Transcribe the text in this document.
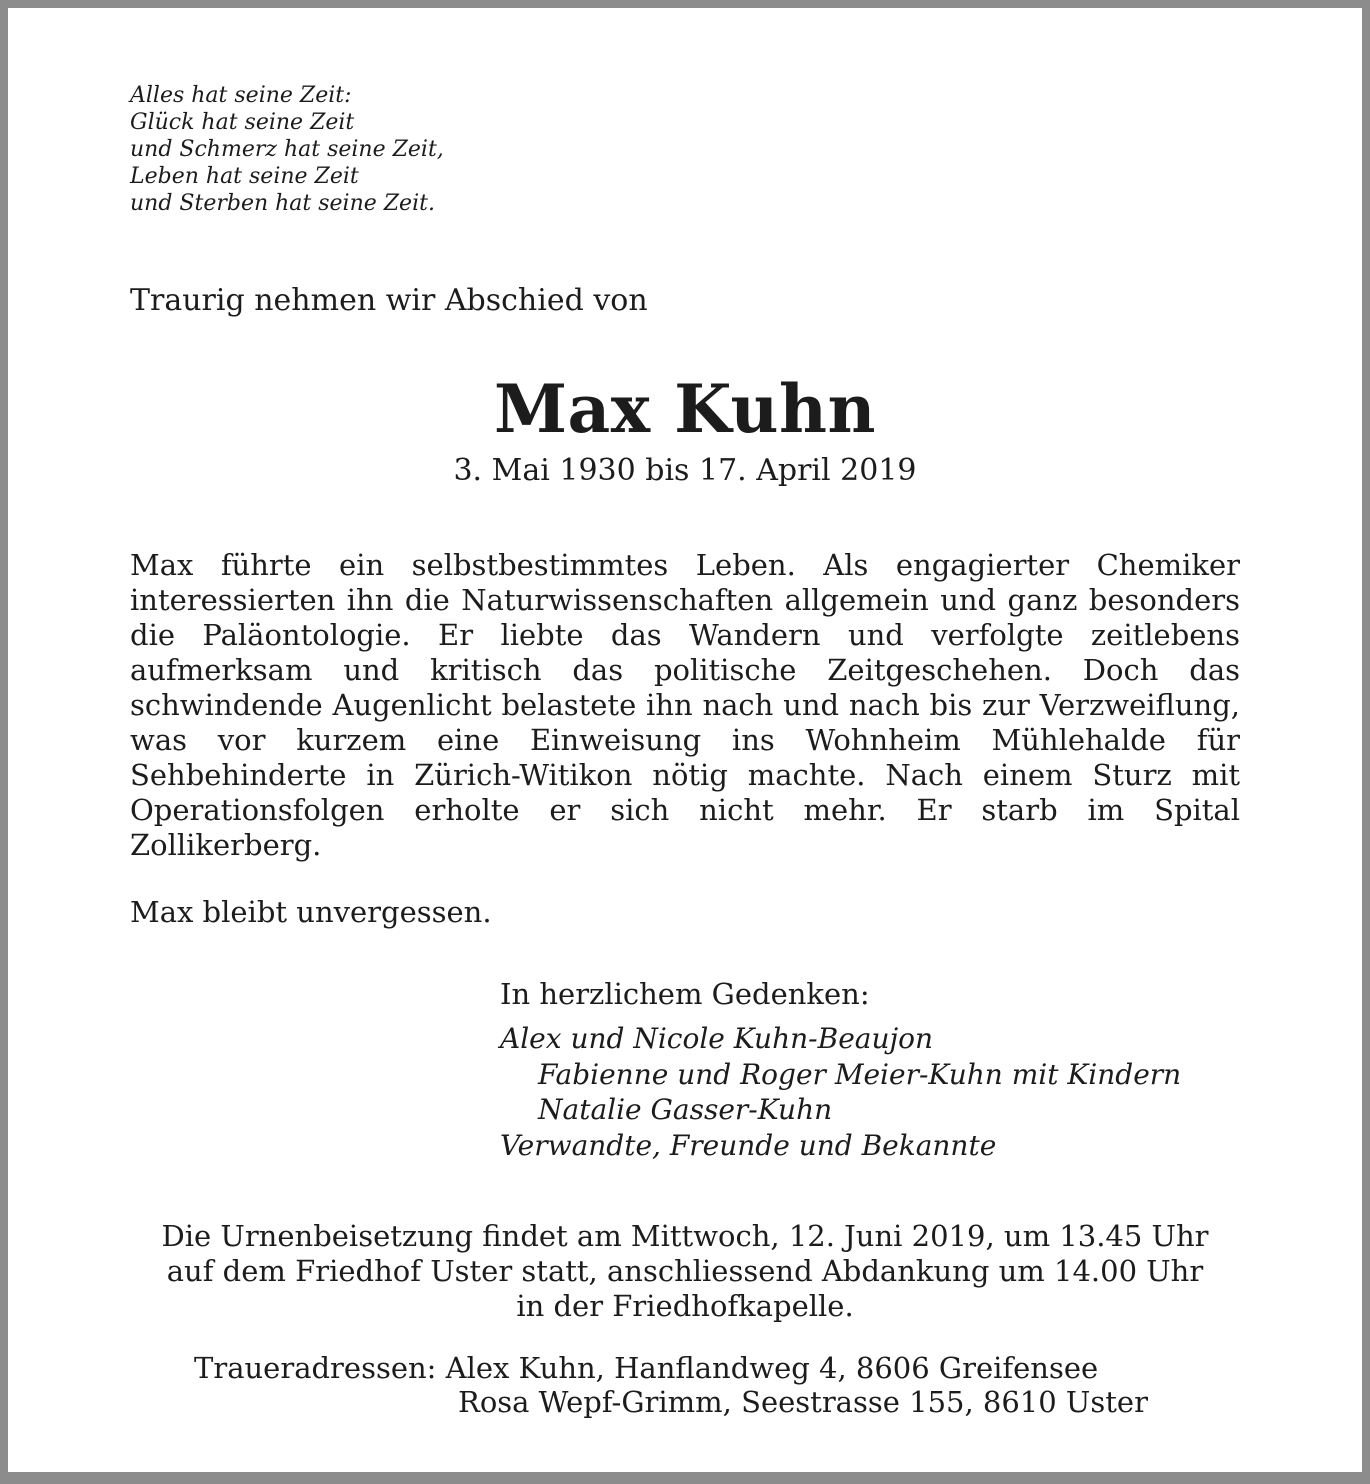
Alles hat seine Zeit:
Glück hat seine Zeit
und Schmerz hat seine Zeit,
Leben hat seine Zeit
und Sterben hat seine Zeit.
Traurig nehmen wir Abschied von
Max Kuhn
3. Mai 1930 bis 17. April 2019
Max führte ein selbstbestimmtes Leben. Als engagierter Chemiker interessierten ihn die Naturwissenschaften allgemein und ganz besonders die Paläontologie. Er liebte das Wandern und verfolgte zeitlebens aufmerksam und kritisch das politische Zeitgeschehen. Doch das schwindende Augenlicht belastete ihn nach und nach bis zur Verzweiflung, was vor kurzem eine Einweisung ins Wohnheim Mühlehalde für Sehbehinderte in Zürich-Witikon nötig machte. Nach einem Sturz mit Operationsfolgen erholte er sich nicht mehr. Er starb im Spital Zollikerberg.
Max bleibt unvergessen.
In herzlichem Gedenken:
Alex und Nicole Kuhn-Beaujon
Fabienne und Roger Meier-Kuhn mit Kindern
Natalie Gasser-Kuhn
Verwandte, Freunde und Bekannte
Die Urnenbeisetzung findet am Mittwoch, 12. Juni 2019, um 13.45 Uhr
auf dem Friedhof Uster statt, anschliessend Abdankung um 14.00 Uhr
in der Friedhofkapelle.
Traueradressen: Alex Kuhn, Hanflandweg 4, 8606 Greifensee
Rosa Wepf-Grimm, Seestrasse 155, 8610 Uster
